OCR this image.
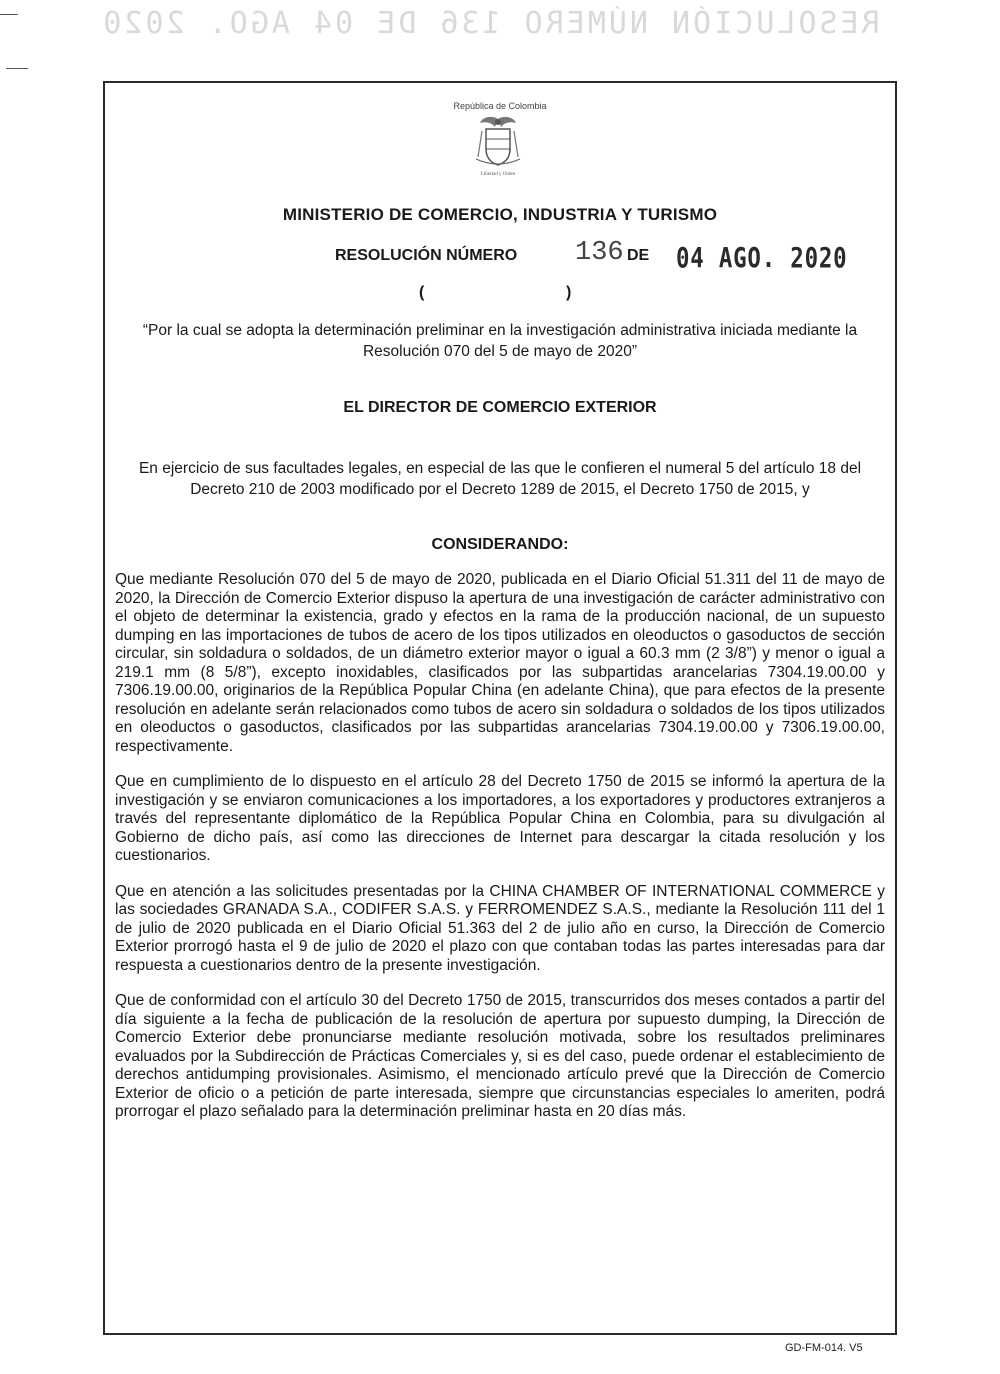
RESOLUCIÓN NÚMERO 136 DE 04 AGO. 2020
República de Colombia
Libertad y Orden
MINISTERIO DE COMERCIO, INDUSTRIA Y TURISMO
RESOLUCIÓN NÚMERO 136 DE 04 AGO. 2020
(	)
“Por la cual se adopta la determinación preliminar en la investigación administrativa iniciada mediante la Resolución 070 del 5 de mayo de 2020”
EL DIRECTOR DE COMERCIO EXTERIOR
En ejercicio de sus facultades legales, en especial de las que le confieren el numeral 5 del artículo 18 del Decreto 210 de 2003 modificado por el Decreto 1289 de 2015, el Decreto 1750 de 2015, y
CONSIDERANDO:

Que mediante Resolución 070 del 5 de mayo de 2020, publicada en el Diario Oficial 51.311 del 11 de mayo de 2020, la Dirección de Comercio Exterior dispuso la apertura de una investigación de carácter administrativo con el objeto de determinar la existencia, grado y efectos en la rama de la producción nacional, de un supuesto dumping en las importaciones de tubos de acero de los tipos utilizados en oleoductos o gasoductos de sección circular, sin soldadura o soldados, de un diámetro exterior mayor o igual a 60.3 mm (2 3/8”) y menor o igual a 219.1 mm (8 5/8”), excepto inoxidables, clasificados por las subpartidas arancelarias 7304.19.00.00 y 7306.19.00.00, originarios de la República Popular China (en adelante China), que para efectos de la presente resolución en adelante serán relacionados como tubos de acero sin soldadura o soldados de los tipos utilizados en oleoductos o gasoductos, clasificados por las subpartidas arancelarias 7304.19.00.00 y 7306.19.00.00, respectivamente.

Que en cumplimiento de lo dispuesto en el artículo 28 del Decreto 1750 de 2015 se informó la apertura de la investigación y se enviaron comunicaciones a los importadores, a los exportadores y productores extranjeros a través del representante diplomático de la República Popular China en Colombia, para su divulgación al Gobierno de dicho país, así como las direcciones de Internet para descargar la citada resolución y los cuestionarios.

Que en atención a las solicitudes presentadas por la CHINA CHAMBER OF INTERNATIONAL COMMERCE y las sociedades GRANADA S.A., CODIFER S.A.S. y FERROMENDEZ S.A.S., mediante la Resolución 111 del 1 de julio de 2020 publicada en el Diario Oficial 51.363 del 2 de julio año en curso, la Dirección de Comercio Exterior prorrogó hasta el 9 de julio de 2020 el plazo con que contaban todas las partes interesadas para dar respuesta a cuestionarios dentro de la presente investigación.

Que de conformidad con el artículo 30 del Decreto 1750 de 2015, transcurridos dos meses contados a partir del día siguiente a la fecha de publicación de la resolución de apertura por supuesto dumping, la Dirección de Comercio Exterior debe pronunciarse mediante resolución motivada, sobre los resultados preliminares evaluados por la Subdirección de Prácticas Comerciales y, si es del caso, puede ordenar el establecimiento de derechos antidumping provisionales. Asimismo, el mencionado artículo prevé que la Dirección de Comercio Exterior de oficio o a petición de parte interesada, siempre que circunstancias especiales lo ameriten, podrá prorrogar el plazo señalado para la determinación preliminar hasta en 20 días más.

GD-FM-014. V5
